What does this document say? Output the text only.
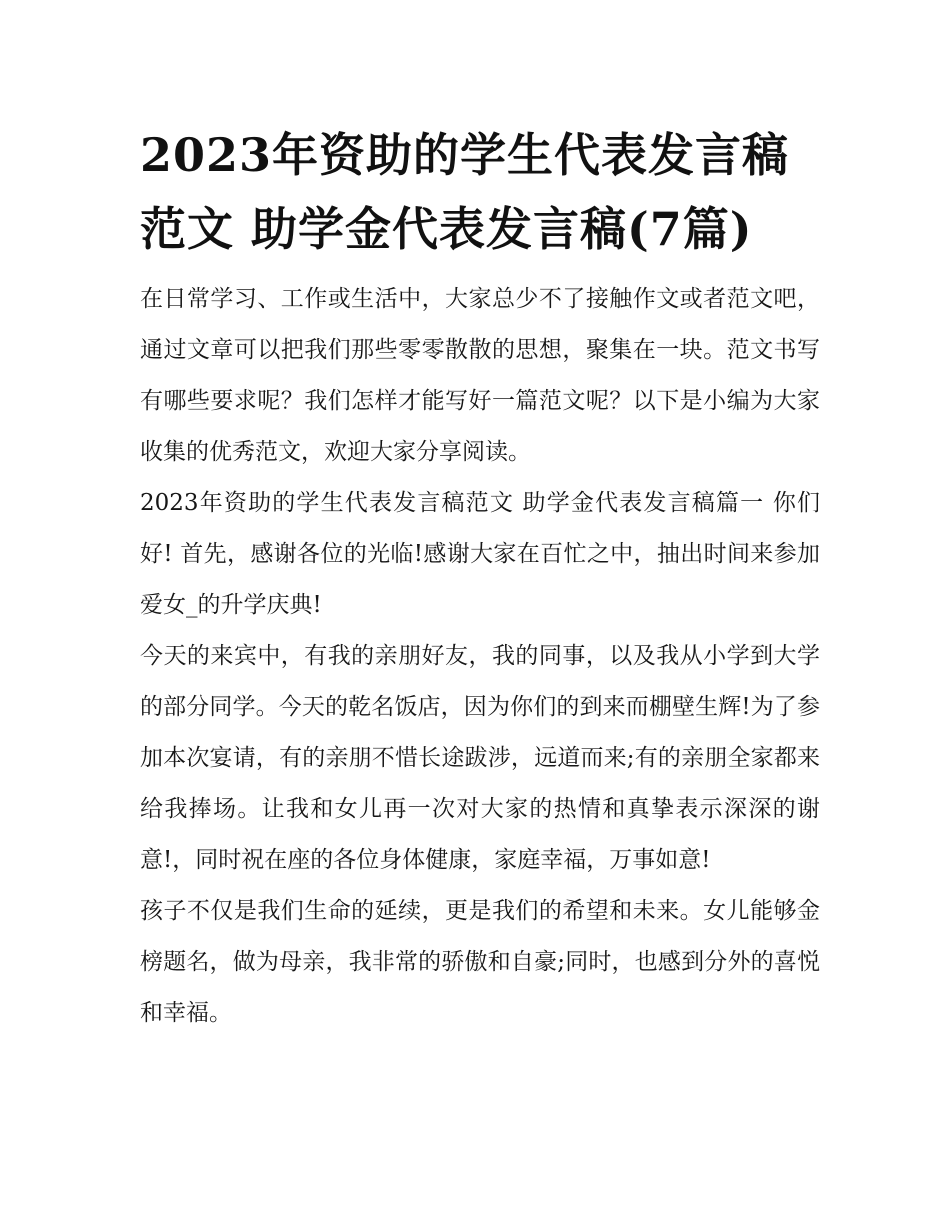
2023年资助的学生代表发言稿范文 助学金代表发言稿(7篇)

在日常学习、工作或生活中，大家总少不了接触作文或者范文吧，通过文章可以把我们那些零零散散的思想，聚集在一块。范文书写有哪些要求呢？我们怎样才能写好一篇范文呢？以下是小编为大家收集的优秀范文，欢迎大家分享阅读。

2023年资助的学生代表发言稿范文 助学金代表发言稿篇一 你们好! 首先，感谢各位的光临!感谢大家在百忙之中，抽出时间来参加爱女_的升学庆典!

今天的来宾中，有我的亲朋好友，我的同事，以及我从小学到大学的部分同学。今天的乾名饭店，因为你们的到来而棚壁生辉!为了参加本次宴请，有的亲朋不惜长途跋涉，远道而来;有的亲朋全家都来给我捧场。让我和女儿再一次对大家的热情和真挚表示深深的谢意!，同时祝在座的各位身体健康，家庭幸福，万事如意!

孩子不仅是我们生命的延续，更是我们的希望和未来。女儿能够金榜题名，做为母亲，我非常的骄傲和自豪;同时，也感到分外的喜悦和幸福。
